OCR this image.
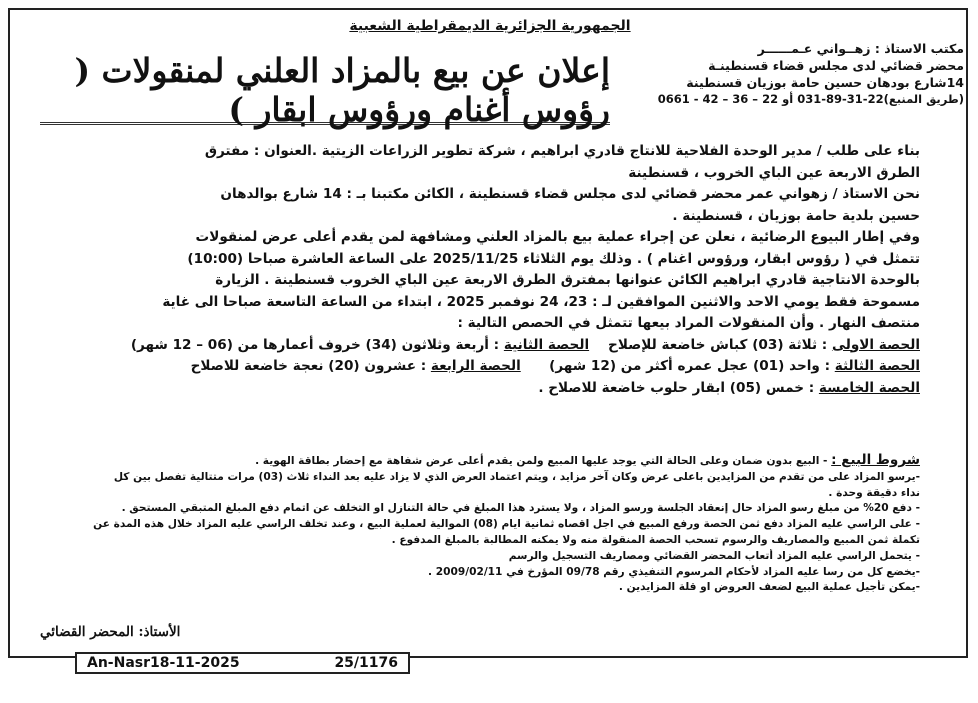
الجمهورية الجزائرية الديمقراطية الشعبية
مكتب الاستاذ : زهــواني عـمــــــر
محضر قضائي لدى مجلس قضاء قسنطينـة
14شارع بودهان حسين حامة بوزيان قسنطينة
(طريق المنبع)22-31-89-031 أو 22 – 36 – 42 - 0661
إعلان عن بيع بالمزاد العلني لمنقولات ( رؤوس أغنام ورؤوس ابقار )
بناء على طلب / مدير الوحدة الفلاحية للانتاج قادري ابراهيم ، شركة تطوير الزراعات الزيتية .العنوان : مفترق
الطرق الاربعة عين الباي الخروب ، قسنطينة
نحن الاستاذ / زهواني عمر محضر قضائي لدى مجلس قضاء قسنطينة ، الكائن مكتبنا بـ : 14 شارع بوالدهان
حسين بلدية حامة بوزيان ، قسنطينة .
وفي إطار البيوع الرضائية ، نعلن عن إجراء عملية بيع بالمزاد العلني ومشافهة لمن يقدم أعلى عرض لمنقولات
تتمثل في ( رؤوس ابقار، ورؤوس اغنام ) . وذلك يوم الثلاثاء 2025/11/25 على الساعة العاشرة صباحا (10:00)
بالوحدة الانتاجية قادري ابراهيم الكائن عنوانها بمفترق الطرق الاربعة عين الباي الخروب قسنطينة . الزيارة
مسموحة فقط يومي الاحد والاثنين الموافقين لـ : 23، 24 نوفمبر 2025 ، ابتداء من الساعة التاسعة صباحا الى غاية
منتصف النهار . وأن المنقولات المراد بيعها تتمثل في الحصص التالية :
الحصة الاولى : ثلاثة (03) كباش خاضعة للإصلاح    الحصة الثانية : أربعة وثلاثون (34) خروف أعمارها من (06 – 12 شهر)
الحصة الثالثة : واحد (01) عجل عمره أكثر من (12 شهر)      الحصة الرابعة : عشرون (20) نعجة خاضعة للاصلاح
الحصة الخامسة : خمس (05) ابقار حلوب خاضعة للاصلاح .
شروط البيع : - البيع بدون ضمان وعلى الحالة التي يوجد عليها المبيع ولمن يقدم أعلى عرض شفاهة مع إحضار بطاقة الهوية .
-يرسو المزاد على من تقدم من المزايدين باعلى عرض وكان آخر مزايد ، ويتم اعتماد العرض الذي لا يزاد عليه بعد النداء ثلاث (03) مرات متتالية تفصل بين كل
نداء دقيقة وحدة .
- دفع 20% من مبلغ رسو المزاد حال إنعقاد الجلسة ورسو المزاد ، ولا يسترد هذا المبلغ في حالة التنازل او التخلف عن اتمام دفع المبلغ المتبقي المستحق .
- على الراسي عليه المزاد دفع ثمن الحصة ورفع المبيع في اجل اقصاه ثمانية ايام (08) الموالية لعملية البيع ، وعند تخلف الراسي عليه المزاد خلال هذه المدة عن
تكملة ثمن المبيع والمصاريف والرسوم تسحب الحصة المنقولة منه ولا يمكنه المطالبة بالمبلغ المدفوع .
- يتحمل الراسي عليه المزاد أتعاب المحضر القضائي ومصاريف التسجيل والرسم
-يخضع كل من رسا عليه المزاد لأحكام المرسوم التنفيذي رقم 09/78 المؤرخ في 2009/02/11 .
-يمكن تأجيل عملية البيع لضعف العروض او قلة المزايدين .
الأستاذ: المحضر القضائي
An-Nasr18-11-2025	25/1176
